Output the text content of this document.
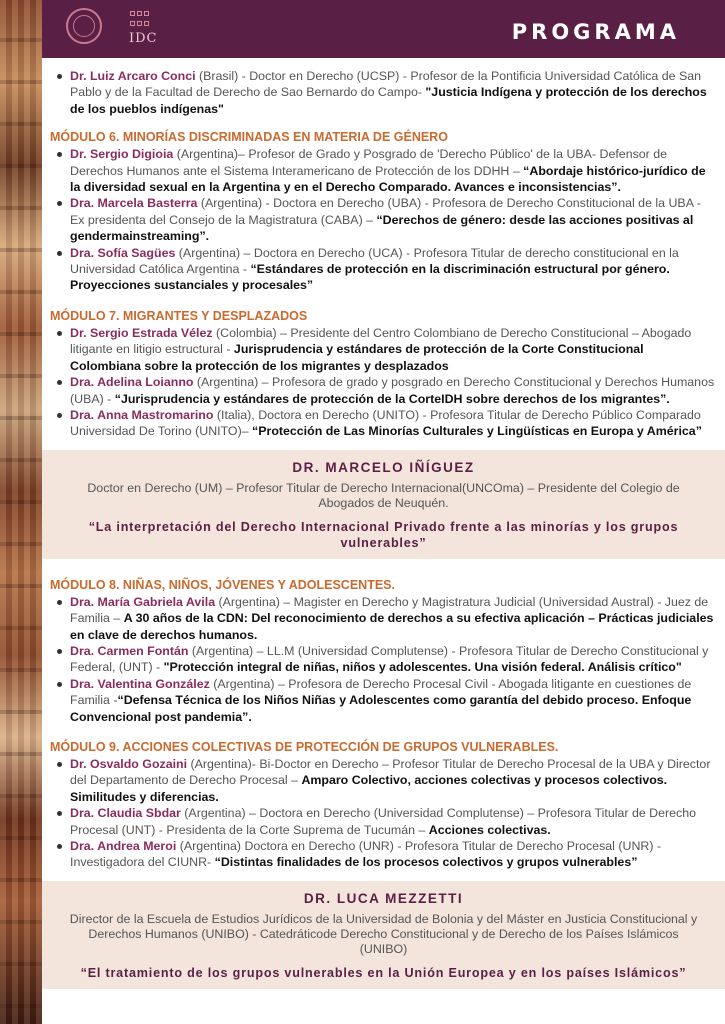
IDC	PROGRAMA
Dr. Luiz Arcaro Conci (Brasil) - Doctor en Derecho (UCSP) - Profesor de la Pontificia Universidad Católica de San Pablo y de la Facultad de Derecho de Sao Bernardo do Campo- "Justicia Indígena y protección de los derechos de los pueblos indígenas"
MÓDULO 6. MINORÍAS DISCRIMINADAS EN MATERIA DE GÉNERO
Dr. Sergio Digioia (Argentina)– Profesor de Grado y Posgrado de 'Derecho Público' de la UBA- Defensor de Derechos Humanos ante el Sistema Interamericano de Protección de los DDHH – “Abordaje histórico-jurídico de la diversidad sexual en la Argentina y en el Derecho Comparado. Avances e inconsistencias”.
Dra. Marcela Basterra (Argentina) - Doctora en Derecho (UBA) - Profesora de Derecho Constitucional de la UBA - Ex presidenta del Consejo de la Magistratura (CABA) – “Derechos de género: desde las acciones positivas al gendermainstreaming”.
Dra. Sofía Sagües (Argentina) – Doctora en Derecho (UCA) - Profesora Titular de derecho constitucional en la Universidad Católica Argentina - “Estándares de protección en la discriminación estructural por género. Proyecciones sustanciales y procesales”
MÓDULO 7. MIGRANTES Y DESPLAZADOS
Dr. Sergio Estrada Vélez (Colombia) – Presidente del Centro Colombiano de Derecho Constitucional – Abogado litigante en litigio estructural - Jurisprudencia y estándares de protección de la Corte Constitucional Colombiana sobre la protección de los migrantes y desplazados
Dra. Adelina Loianno (Argentina) – Profesora de grado y posgrado en Derecho Constitucional y Derechos Humanos (UBA) - “Jurisprudencia y estándares de protección de la CorteIDH sobre derechos de los migrantes”.
Dra. Anna Mastromarino (Italia), Doctora en Derecho (UNITO) - Profesora Titular de Derecho Público Comparado Universidad De Torino (UNITO)– “Protección de Las Minorías Culturales y Lingüísticas en Europa y América”
DR. MARCELO IÑÍGUEZ
Doctor en Derecho (UM) – Profesor Titular de Derecho Internacional(UNCOma) – Presidente del Colegio de Abogados de Neuquén.
“La interpretación del Derecho Internacional Privado frente a las minorías y los grupos vulnerables”
MÓDULO 8. NIÑAS, NIÑOS, JÓVENES Y ADOLESCENTES.
Dra. María Gabriela Avila (Argentina) – Magister en Derecho y Magistratura Judicial (Universidad Austral) - Juez de Familia – A 30 años de la CDN: Del reconocimiento de derechos a su efectiva aplicación – Prácticas judiciales en clave de derechos humanos.
Dra. Carmen Fontán (Argentina) – LL.M (Universidad Complutense) - Profesora Titular de Derecho Constitucional y Federal, (UNT) - "Protección integral de niñas, niños y adolescentes. Una visión federal. Análisis crítico"
Dra. Valentina González (Argentina) – Profesora de Derecho Procesal Civil - Abogada litigante en cuestiones de Familia -“Defensa Técnica de los Niños Niñas y Adolescentes como garantía del debido proceso. Enfoque Convencional post pandemia”.
MÓDULO 9. ACCIONES COLECTIVAS DE PROTECCIÓN DE GRUPOS VULNERABLES.
Dr. Osvaldo Gozaini (Argentina)- Bi-Doctor en Derecho – Profesor Titular de Derecho Procesal de la UBA y Director del Departamento de Derecho Procesal – Amparo Colectivo, acciones colectivas y procesos colectivos. Similitudes y diferencias.
Dra. Claudia Sbdar (Argentina) – Doctora en Derecho (Universidad Complutense) – Profesora Titular de Derecho Procesal (UNT) - Presidenta de la Corte Suprema de Tucumán – Acciones colectivas.
Dra. Andrea Meroi (Argentina) Doctora en Derecho (UNR) - Profesora Titular de Derecho Procesal (UNR) - Investigadora del CIUNR- “Distintas finalidades de los procesos colectivos y grupos vulnerables”
DR. LUCA MEZZETTI
Director de la Escuela de Estudios Jurídicos de la Universidad de Bolonia y del Máster en Justicia Constitucional y Derechos Humanos (UNIBO) - Catedráticode Derecho Constitucional y de Derecho de los Países Islámicos (UNIBO)
“El tratamiento de los grupos vulnerables en la Unión Europea y en los países Islámicos”
